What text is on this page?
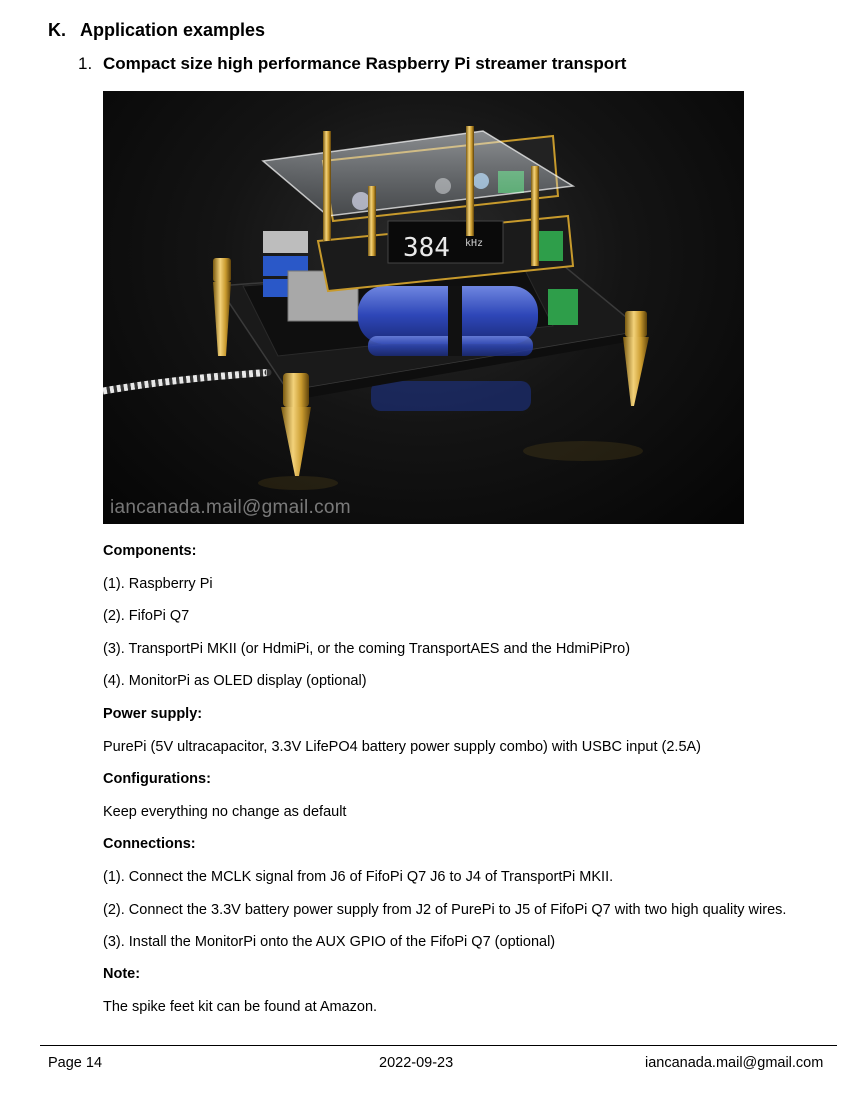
K. Application examples
1. Compact size high performance Raspberry Pi streamer transport
384 kHz
iancanada.mail@gmail.com

Components:

(1). Raspberry Pi

(2). FifoPi Q7

(3). TransportPi MKII (or HdmiPi, or the coming TransportAES and the HdmiPiPro)

(4). MonitorPi as OLED display (optional)

Power supply:

PurePi (5V ultracapacitor, 3.3V LifePO4 battery power supply combo) with USBC input (2.5A)

Configurations:

Keep everything no change as default

Connections:

(1). Connect the MCLK signal from J6 of FifoPi Q7 J6 to J4 of TransportPi MKII.

(2). Connect the 3.3V battery power supply from J2 of PurePi to J5 of FifoPi Q7 with two high quality wires.

(3). Install the MonitorPi onto the AUX GPIO of the FifoPi Q7 (optional)

Note:

The spike feet kit can be found at Amazon.

Page 14	2022-09-23	iancanada.mail@gmail.com
